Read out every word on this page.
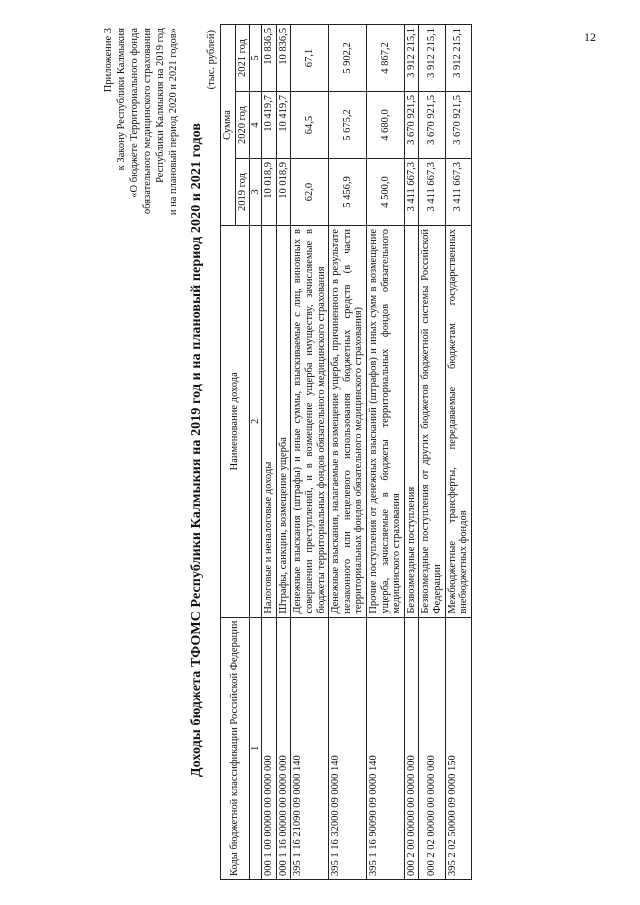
12
Приложение 3 к Закону Республики Калмыкия «О бюджете Территориального фонда обязательного медицинского страхования Республики Калмыкия на 2019 год и на плановый период 2020 и 2021 годов»
Доходы бюджета ТФОМС Республики Калмыкия на 2019 год и на плановый период 2020 и 2021 годов
(тыс. рублей)
Коды бюджетной классификации Российской Федерации	Наименование дохода	Сумма		
		2019 год	2020 год	2021 год
1	2	3	4	5
000 1 00 00000 00 0000 000	Налоговые и неналоговые доходы	10 018,9	10 419,7	10 836,5
000 1 16 00000 00 0000 000	Штрафы, санкции, возмещение ущерба	10 018,9	10 419,7	10 836,5
395 1 16 21090 09 0000 140	Денежные взыскания (штрафы) и иные суммы, взыскиваемые с лиц, виновных в совершении преступлений, и в возмещение ущерба имуществу, зачисляемые в бюджеты территориальных фондов обязательного медицинского страхования	62,0	64,5	67,1
395 1 16 32000 09 0000 140	Денежные взыскания, налагаемые в возмещение ущерба, причиненного в результате незаконного или нецелевого использования бюджетных средств (в части территориальных фондов обязательного медицинского страхования)	5 456,9	5 675,2	5 902,2
395 1 16 90090 09 0000 140	Прочие поступления от денежных взысканий (штрафов) и иных сумм в возмещение ущерба, зачисляемые в бюджеты территориальных фондов обязательного медицинского страхования	4 500,0	4 680,0	4 867,2
000 2 00 00000 00 0000 000	Безвозмездные поступления	3 411 667,3	3 670 921,5	3 912 215,1
000 2 02 00000 00 0000 000	Безвозмездные поступления от других бюджетов бюджетной системы Российской Федерации	3 411 667,3	3 670 921,5	3 912 215,1
395 2 02 50000 09 0000 150	Межбюджетные трансферты, передаваемые бюджетам государственных внебюджетных фондов	3 411 667,3	3 670 921,5	3 912 215,1
